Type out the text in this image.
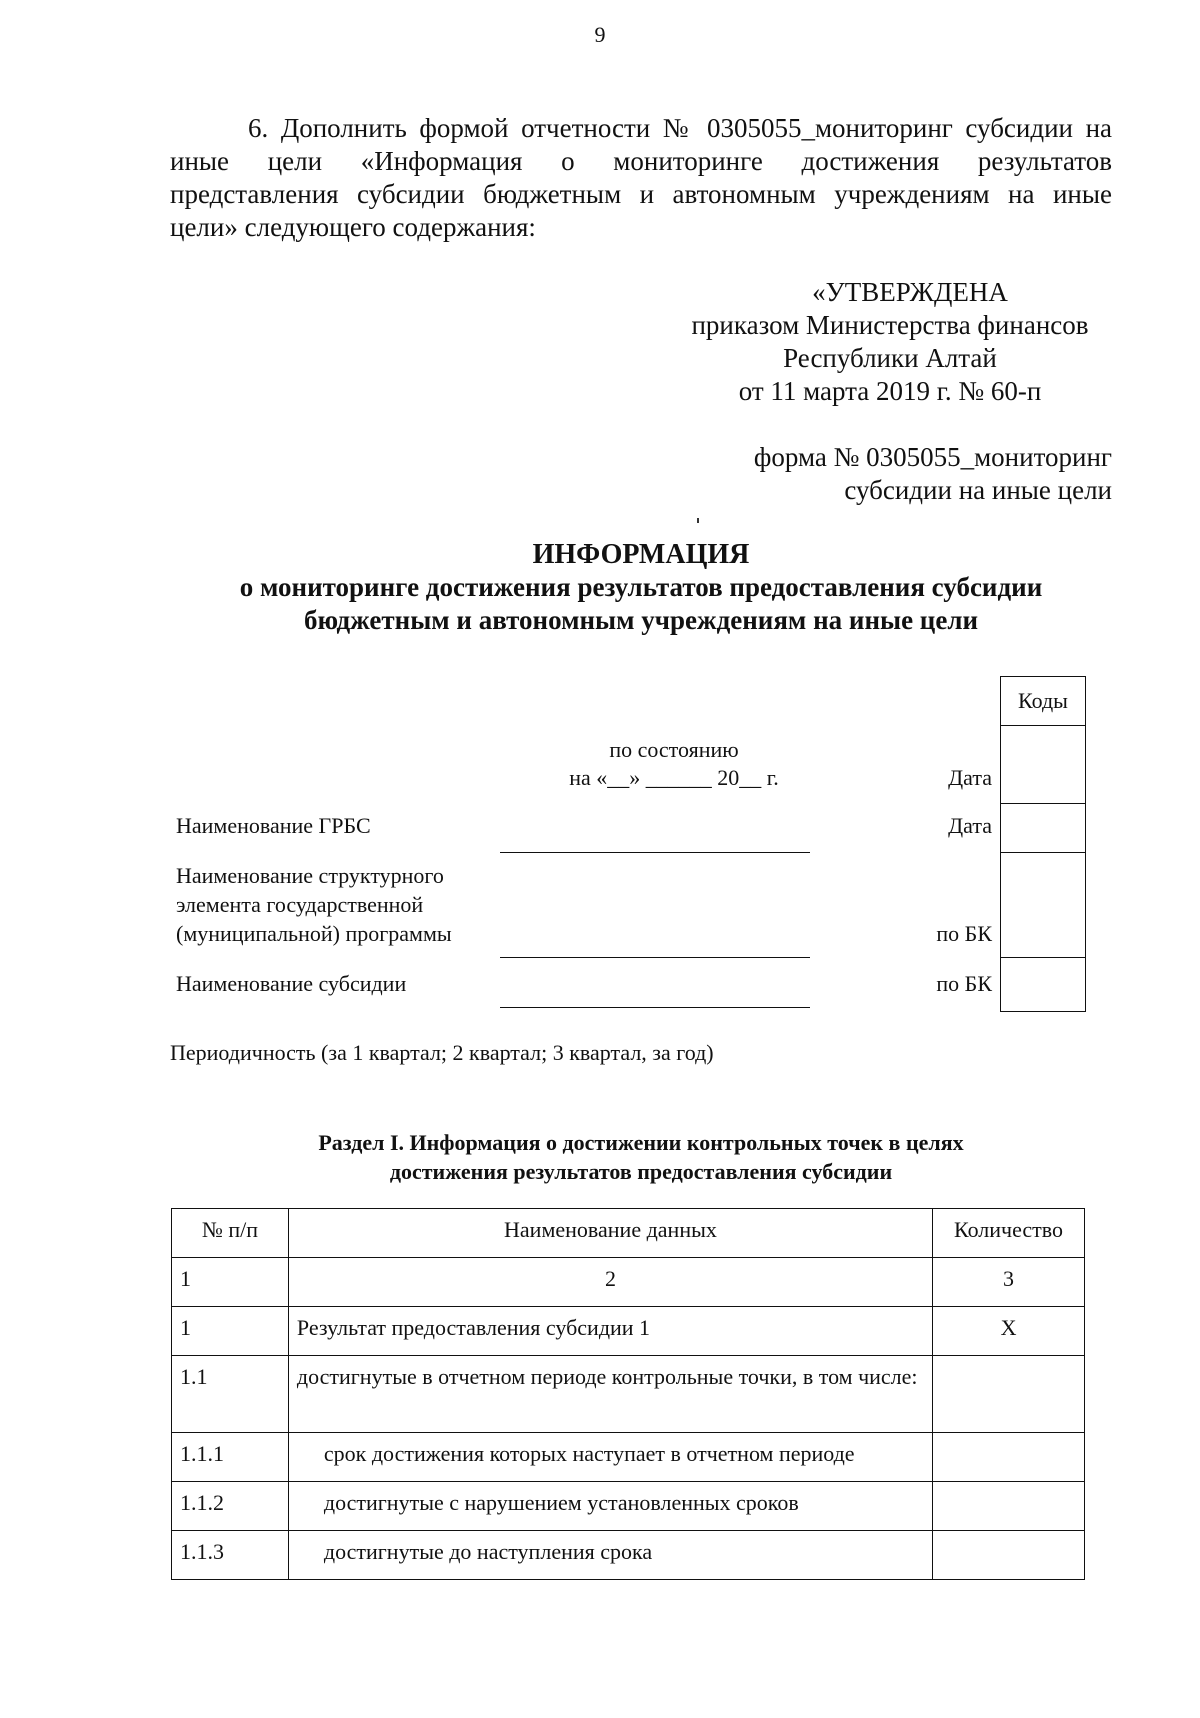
9
6. Дополнить формой отчетности № 0305055_мониторинг субсидии на
иные цели «Информация о мониторинге достижения результатов
представления субсидии бюджетным и автономным учреждениям на иные
цели» следующего содержания:
«УТВЕРЖДЕНА
приказом Министерства финансов
Республики Алтай
от 11 марта 2019 г. № 60-п
форма № 0305055_мониторинг
субсидии на иные цели
ИНФОРМАЦИЯ
о мониторинге достижения результатов предоставления субсидии
бюджетным и автономным учреждениям на иные цели
Коды
по состоянию
на «__» ______ 20__ г.	Дата
Наименование ГРБС	Дата
Наименование структурного
элемента государственной
(муниципальной) программы	по БК
Наименование субсидии	по БК
Периодичность (за 1 квартал; 2 квартал; 3 квартал, за год)
Раздел I. Информация о достижении контрольных точек в целях
достижения результатов предоставления субсидии
№ п/п	Наименование данных	Количество
1	2	3
1	Результат предоставления субсидии 1	X
1.1	достигнутые в отчетном периоде контрольные точки, в том числе:	
1.1.1	срок достижения которых наступает в отчетном периоде	
1.1.2	достигнутые с нарушением установленных сроков	
1.1.3	достигнутые до наступления срока	
